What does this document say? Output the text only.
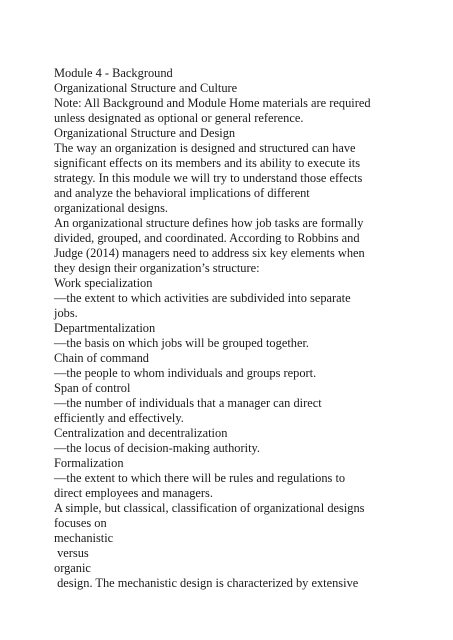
Module 4 - Background
Organizational Structure and Culture
Note: All Background and Module Home materials are required
unless designated as optional or general reference.
Organizational Structure and Design
The way an organization is designed and structured can have
significant effects on its members and its ability to execute its
strategy. In this module we will try to understand those effects
and analyze the behavioral implications of different
organizational designs.
An organizational structure defines how job tasks are formally
divided, grouped, and coordinated. According to Robbins and
Judge (2014) managers need to address six key elements when
they design their organization’s structure:
Work specialization
—the extent to which activities are subdivided into separate
jobs.
Departmentalization
—the basis on which jobs will be grouped together.
Chain of command
—the people to whom individuals and groups report.
Span of control
—the number of individuals that a manager can direct
efficiently and effectively.
Centralization and decentralization
—the locus of decision-making authority.
Formalization
—the extent to which there will be rules and regulations to
direct employees and managers.
A simple, but classical, classification of organizational designs
focuses on
mechanistic
versus
organic
design. The mechanistic design is characterized by extensive
